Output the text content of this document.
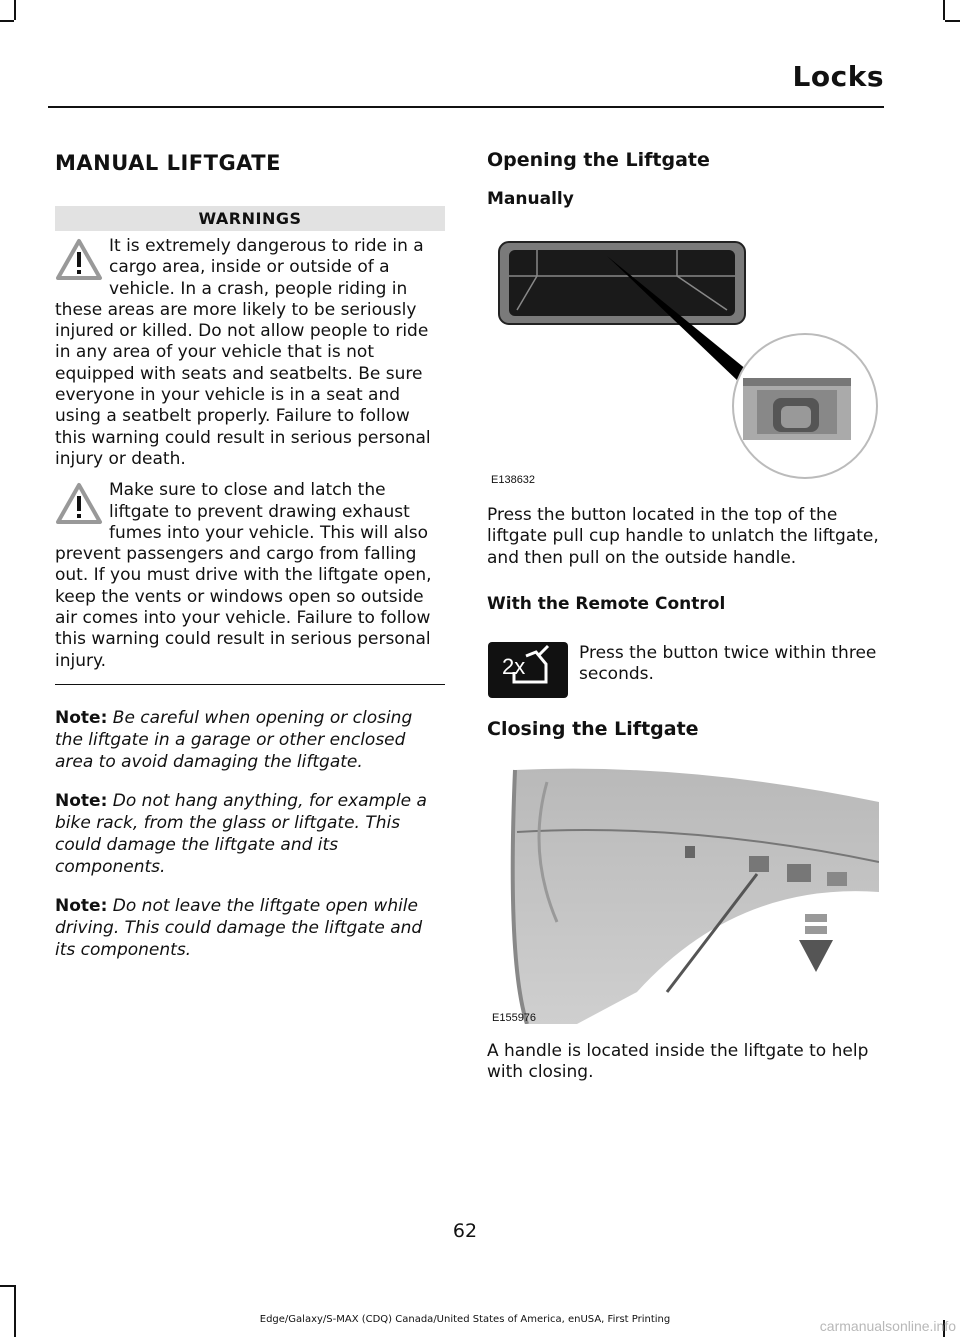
Locks
MANUAL LIFTGATE
WARNINGS
It is extremely dangerous to ride in a cargo area, inside or outside of a vehicle. In a crash, people riding in these areas are more likely to be seriously injured or killed. Do not allow people to ride in any area of your vehicle that is not equipped with seats and seatbelts. Be sure everyone in your vehicle is in a seat and using a seatbelt properly. Failure to follow this warning could result in serious personal injury or death.
Make sure to close and latch the liftgate to prevent drawing exhaust fumes into your vehicle. This will also prevent passengers and cargo from falling out. If you must drive with the liftgate open, keep the vents or windows open so outside air comes into your vehicle. Failure to follow this warning could result in serious personal injury.

Note: Be careful when opening or closing the liftgate in a garage or other enclosed area to avoid damaging the liftgate.

Note: Do not hang anything, for example a bike rack, from the glass or liftgate. This could damage the liftgate and its components.

Note: Do not leave the liftgate open while driving. This could damage the liftgate and its components.

Opening the Liftgate
Manually
E138632

Press the button located in the top of the liftgate pull cup handle to unlatch the liftgate, and then pull on the outside handle.

With the Remote Control
2x

Press the button twice within three seconds.

Closing the Liftgate
E155976

A handle is located inside the liftgate to help with closing.

62
Edge/Galaxy/S-MAX (CDQ) Canada/United States of America, enUSA, First Printing	carmanualsonline.info
